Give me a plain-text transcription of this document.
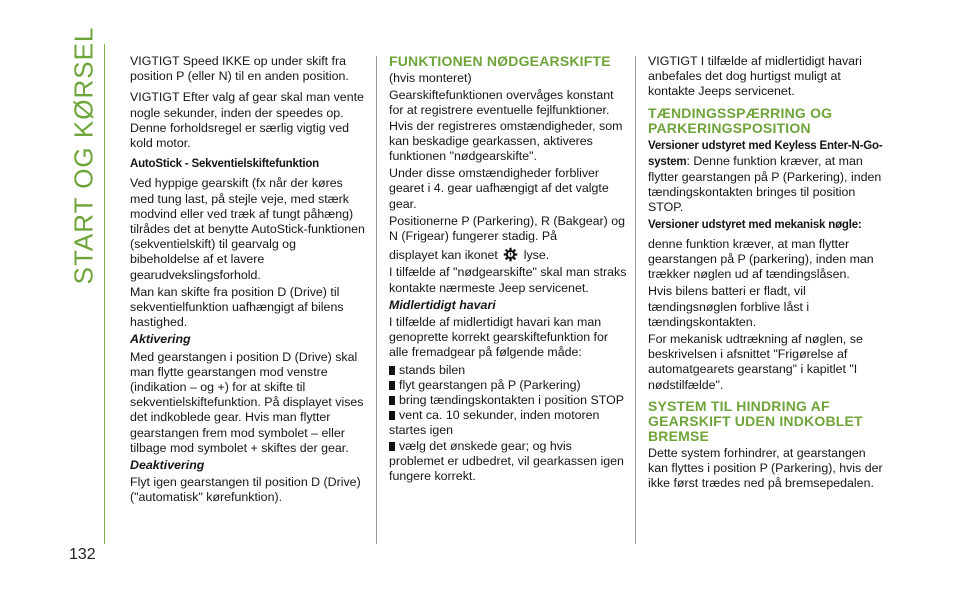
START OG KØRSEL
132

VIGTIGT Speed IKKE op under skift fra position P (eller N) til en anden position.

VIGTIGT Efter valg af gear skal man vente nogle sekunder, inden der speedes op. Denne forholdsregel er særlig vigtig ved kold motor.

AutoStick - Sekventielskiftefunktion

Ved hyppige gearskift (fx når der køres med tung last, på stejle veje, med stærk modvind eller ved træk af tungt påhæng) tilrådes det at benytte AutoStick-funktionen (sekventielskift) til gearvalg og bibeholdelse af et lavere gearudvekslingsforhold.

Man kan skifte fra position D (Drive) til sekventielfunktion uafhængigt af bilens hastighed.

Aktivering

Med gearstangen i position D (Drive) skal man flytte gearstangen mod venstre (indikation – og +) for at skifte til sekventielskiftefunktion. På displayet vises det indkoblede gear. Hvis man flytter gearstangen frem mod symbolet – eller tilbage mod symbolet + skiftes der gear.

Deaktivering

Flyt igen gearstangen til position D (Drive) ("automatisk" kørefunktion).

FUNKTIONEN NØDGEARSKIFTE

(hvis monteret)

Gearskiftefunktionen overvåges konstant for at registrere eventuelle fejlfunktioner. Hvis der registreres omstændigheder, som kan beskadige gearkassen, aktiveres funktionen "nødgearskifte".

Under disse omstændigheder forbliver gearet i 4. gear uafhængigt af det valgte gear.

Positionerne P (Parkering), R (Bakgear) og N (Frigear) fungerer stadig. På

displayet kan ikonet lyse.

I tilfælde af "nødgearskifte" skal man straks kontakte nærmeste Jeep servicenet.

Midlertidigt havari

I tilfælde af midlertidigt havari kan man genoprette korrekt gearskiftefunktion for alle fremadgear på følgende måde:

stands bilen
flyt gearstangen på P (Parkering)
bring tændingskontakten i position STOP
vent ca. 10 sekunder, inden motoren startes igen
vælg det ønskede gear; og hvis problemet er udbedret, vil gearkassen igen fungere korrekt.

VIGTIGT I tilfælde af midlertidigt havari anbefales det dog hurtigst muligt at kontakte Jeeps servicenet.

TÆNDINGSSPÆRRING OG PARKERINGSPOSITION

Versioner udstyret med Keyless Enter-N-Go-system: Denne funktion kræver, at man flytter gearstangen på P (Parkering), inden tændingskontakten bringes til position STOP.

Versioner udstyret med mekanisk nøgle:

denne funktion kræver, at man flytter gearstangen på P (parkering), inden man trækker nøglen ud af tændingslåsen.

Hvis bilens batteri er fladt, vil tændingsnøglen forblive låst i tændingskontakten.

For mekanisk udtrækning af nøglen, se beskrivelsen i afsnittet "Frigørelse af automatgearets gearstang" i kapitlet "I nødstilfælde".

SYSTEM TIL HINDRING AF GEARSKIFT UDEN INDKOBLET BREMSE

Dette system forhindrer, at gearstangen kan flyttes i position P (Parkering), hvis der ikke først trædes ned på bremsepedalen.
